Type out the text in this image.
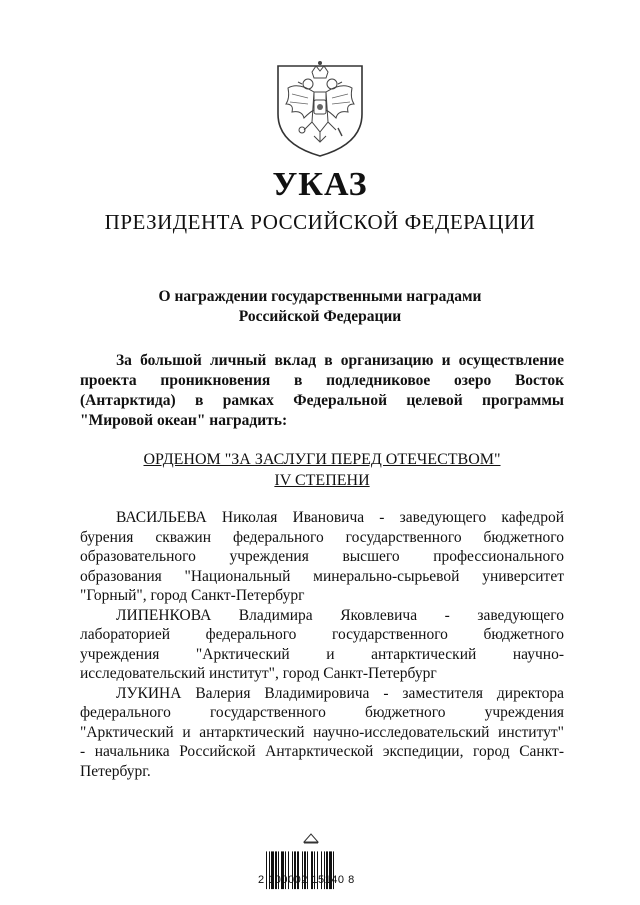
УКАЗ
ПРЕЗИДЕНТА РОССИЙСКОЙ ФЕДЕРАЦИИ
О награждении государственными наградами
Российской Федерации
За большой личный вклад в организацию и осуществление
проекта проникновения в подледниковое озеро Восток
(Антарктида) в рамках Федеральной целевой программы
"Мировой океан" наградить:
ОРДЕНОМ "ЗА ЗАСЛУГИ ПЕРЕД ОТЕЧЕСТВОМ"
IV СТЕПЕНИ
ВАСИЛЬЕВА Николая Ивановича - заведующего кафедрой
бурения скважин федерального государственного бюджетного
образовательного учреждения высшего профессионального
образования "Национальный минерально-сырьевой университет
"Горный", город Санкт-Петербург
ЛИПЕНКОВА Владимира Яковлевича - заведующего
лабораторией федерального государственного бюджетного
учреждения "Арктический и антарктический научно-
исследовательский институт", город Санкт-Петербург
ЛУКИНА Валерия Владимировича - заместителя директора
федерального государственного бюджетного учреждения
"Арктический и антарктический научно-исследовательский институт"
- начальника Российской Антарктической экспедиции, город Санкт-
Петербург.
2 100002 15140 8
